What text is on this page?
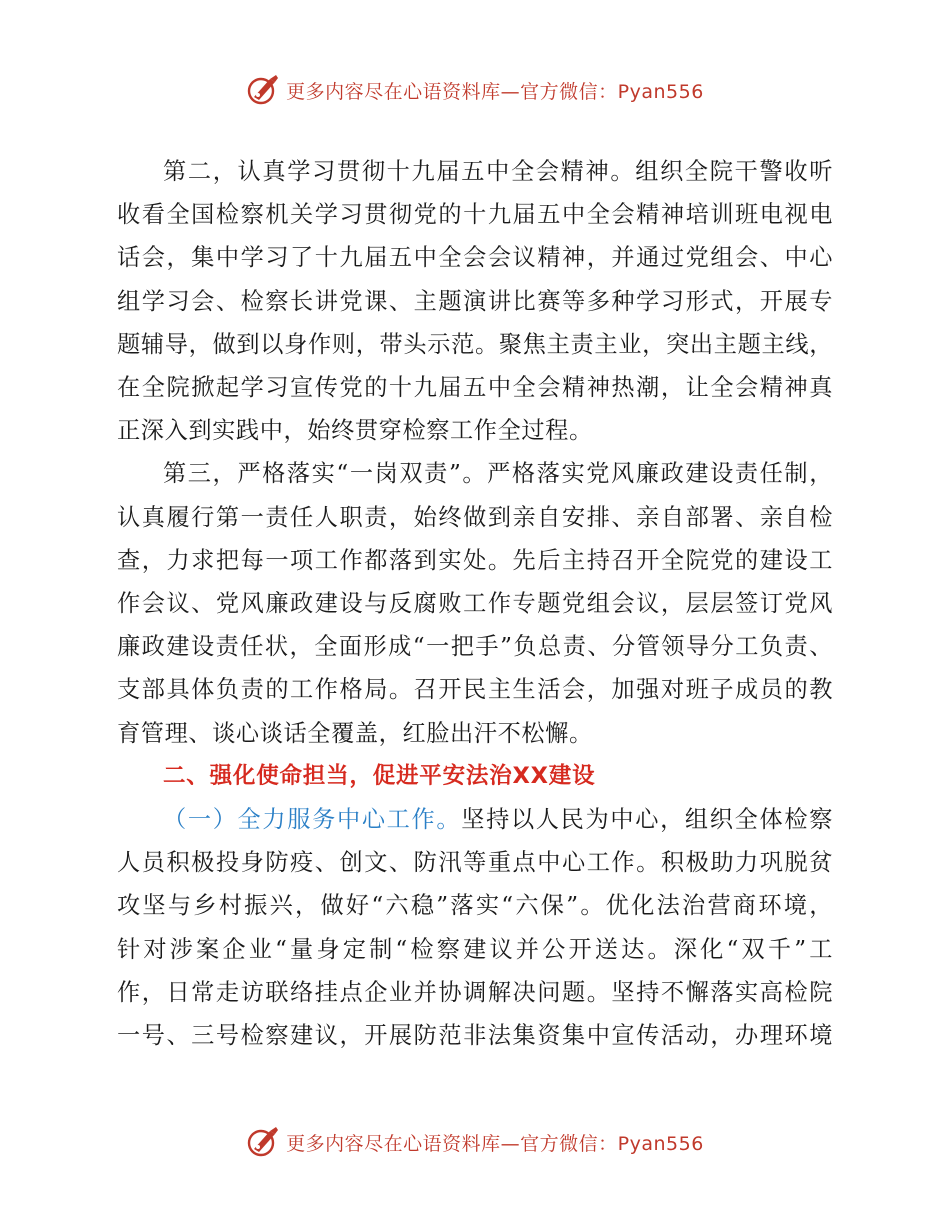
更多内容尽在心语资料库—官方微信：Pyan556
第二，认真学习贯彻十九届五中全会精神。组织全院干警收听
收看全国检察机关学习贯彻党的十九届五中全会精神培训班电视电
话会，集中学习了十九届五中全会会议精神，并通过党组会、中心
组学习会、检察长讲党课、主题演讲比赛等多种学习形式，开展专
题辅导，做到以身作则，带头示范。聚焦主责主业，突出主题主线，
在全院掀起学习宣传党的十九届五中全会精神热潮，让全会精神真
正深入到实践中，始终贯穿检察工作全过程。
第三，严格落实“一岗双责”。严格落实党风廉政建设责任制，
认真履行第一责任人职责，始终做到亲自安排、亲自部署、亲自检
查，力求把每一项工作都落到实处。先后主持召开全院党的建设工
作会议、党风廉政建设与反腐败工作专题党组会议，层层签订党风
廉政建设责任状，全面形成“一把手”负总责、分管领导分工负责、
支部具体负责的工作格局。召开民主生活会，加强对班子成员的教
育管理、谈心谈话全覆盖，红脸出汗不松懈。
二、强化使命担当，促进平安法治XX建设
（一）全力服务中心工作。坚持以人民为中心，组织全体检察
人员积极投身防疫、创文、防汛等重点中心工作。积极助力巩脱贫
攻坚与乡村振兴，做好“六稳”落实“六保”。优化法治营商环境，
针对涉案企业“量身定制“检察建议并公开送达。深化“双千”工
作，日常走访联络挂点企业并协调解决问题。坚持不懈落实高检院
一号、三号检察建议，开展防范非法集资集中宣传活动，办理环境
更多内容尽在心语资料库—官方微信：Pyan556
